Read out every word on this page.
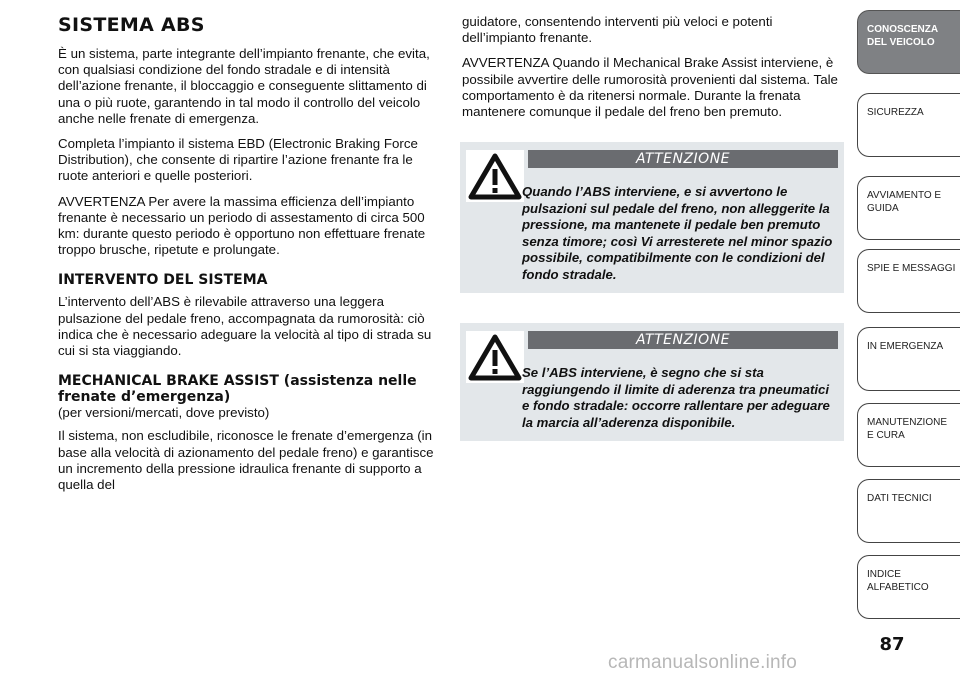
SISTEMA ABS

È un sistema, parte integrante dell’impianto frenante, che evita, con qualsiasi condizione del fondo stradale e di intensità dell’azione frenante, il bloccaggio e conseguente slittamento di una o più ruote, garantendo in tal modo il controllo del veicolo anche nelle frenate di emergenza.

Completa l’impianto il sistema EBD (Electronic Braking Force Distribution), che consente di ripartire l’azione frenante fra le ruote anteriori e quelle posteriori.

AVVERTENZA Per avere la massima efficienza dell’impianto frenante è necessario un periodo di assestamento di circa 500 km: durante questo periodo è opportuno non effettuare frenate troppo brusche, ripetute e prolungate.

INTERVENTO DEL SISTEMA

L’intervento dell’ABS è rilevabile attraverso una leggera pulsazione del pedale freno, accompagnata da rumorosità: ciò indica che è necessario adeguare la velocità al tipo di strada su cui si sta viaggiando.

MECHANICAL BRAKE ASSIST (assistenza nelle frenate d’emergenza)

(per versioni/mercati, dove previsto)

Il sistema, non escludibile, riconosce le frenate d’emergenza (in base alla velocità di azionamento del pedale freno) e garantisce un incremento della pressione idraulica frenante di supporto a quella del

guidatore, consentendo interventi più veloci e potenti dell’impianto frenante.

AVVERTENZA Quando il Mechanical Brake Assist interviene, è possibile avvertire delle rumorosità provenienti dal sistema. Tale comportamento è da ritenersi normale. Durante la frenata mantenere comunque il pedale del freno ben premuto.

ATTENZIONE
Quando l’ABS interviene, e si avvertono le pulsazioni sul pedale del freno, non alleggerite la pressione, ma mantenete il pedale ben premuto senza timore; così Vi arresterete nel minor spazio possibile, compatibilmente con le condizioni del fondo stradale.
ATTENZIONE
Se l’ABS interviene, è segno che si sta raggiungendo il limite di aderenza tra pneumatici e fondo stradale: occorre rallentare per adeguare la marcia all’aderenza disponibile.
CONOSCENZA DEL VEICOLO
SICUREZZA
AVVIAMENTO E GUIDA
SPIE E MESSAGGI
IN EMERGENZA
MANUTENZIONE E CURA
DATI TECNICI
INDICE ALFABETICO
87
carmanualsonline.info
